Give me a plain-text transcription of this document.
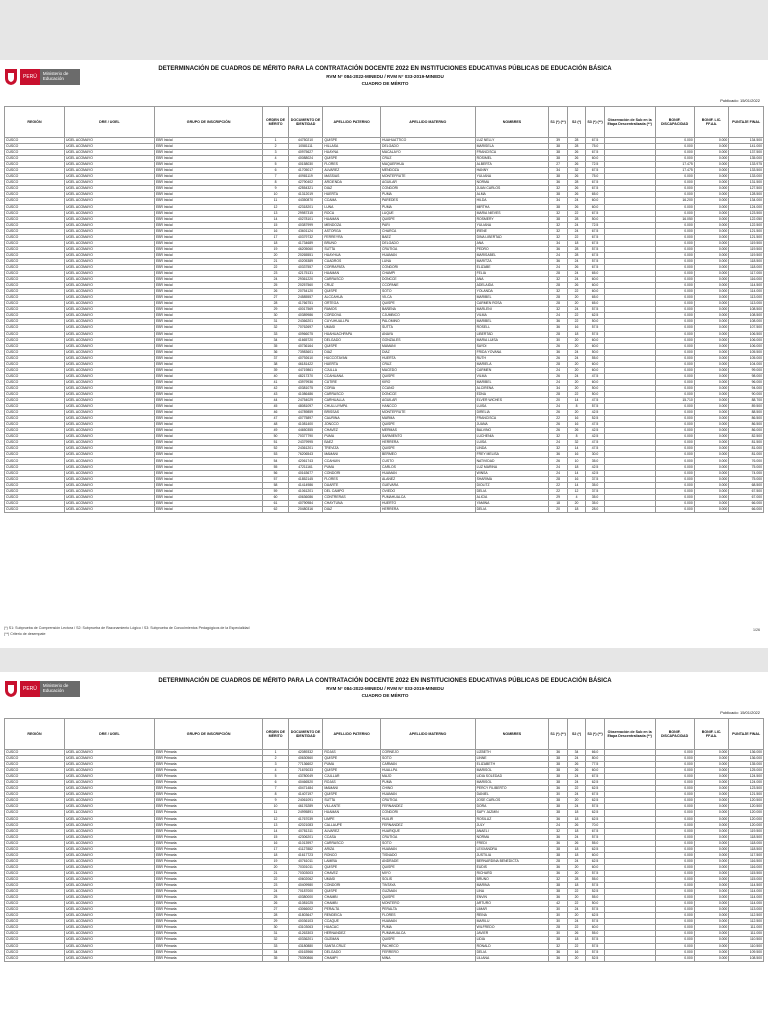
PERÚ
Ministerio de Educación
DETERMINACIÓN DE CUADROS DE MÉRITO PARA LA CONTRATACIÓN DOCENTE 2022 EN INSTITUCIONES EDUCATIVAS PÚBLICAS DE EDUCACIÓN BÁSICA
RVM N° 084-2022-MINEDU / RVM N° 033-2019-MINEDU
CUADRO DE MÉRITO
Publicado: 15/01/2022
REGIÓN	DRE / UGEL	GRUPO DE INSCRIPCIÓN	ORDEN DE MÉRITO	DOCUMENTO DE IDENTIDAD	APELLIDO PATERNO	APELLIDO MATERNO	NOMBRES	S1 (*) (**)	S2 (*)	S3 (*) (**)	Observación de Sub en la Etapa Descentralizada (**)	BONIF. DISCAPACIDAD	BONIF. LIC. FF.AA.	PUNTAJE FINAL
CUSCO	UGEL ACOMAYO	EBR Inicial	1	44750210	QUISPE	HUAHUATTICO	LUZ NELLY	39	28	67.5		0.000	0.000	134.500
CUSCO	UGEL ACOMAYO	EBR Inicial	2	10581111	HILLASA	DELGADO	MARISELA	38	28	75.0		0.000	0.000	141.000
CUSCO	UGEL ACOMAYO	EBR Inicial	3	40975627	HUAYNA	MACALAYO	FRANCISCA	38	26	67.5		0.000	0.000	137.500
CUSCO	UGEL ACOMAYO	EBR Inicial	4	40088024	QUISPE	CRUZ	ROSIMEL	38	26	60.0		0.000	0.000	135.000
CUSCO	UGEL ACOMAYO	EBR Inicial	5	40158030	FLORES	MAQUERHUA	ALBERTA	27	26	72.5		17.475	0.000	133.975
CUSCO	UGEL ACOMAYO	EBR Inicial	6	41705017	ALVAREZ	MENDOZA	HANNY	34	32	67.5		17.475	0.000	133.500
CUSCO	UGEL ACOMAYO	EBR Inicial	7	40981119	MASSIAS	MONTEFRUTE	YULIANA	38	26	75.0		0.000	0.000	133.000
CUSCO	UGEL ACOMAYO	EBR Inicial	8	42790402	ARCIENDA	AGUILAR	NORMA	36	28	67.5		0.000	0.000	131.500
CUSCO	UGEL ACOMAYO	EBR Inicial	9	42554321	DIAZ	CONDORI	JUAN CARLOS	32	26	67.5		0.000	0.000	127.500
CUSCO	UGEL ACOMAYO	EBR Inicial	10	41312019	HUERTA	PUMA	ALMA	38	26	65.0		0.000	0.000	128.500
CUSCO	UGEL ACOMAYO	EBR Inicial	11	44350870	CCAMA	PAREDES	HILDA	34	24	60.0		16.200	0.000	134.000
CUSCO	UGEL ACOMAYO	EBR Inicial	12	42318201	LUNA	PUMA	MIRTHA	38	26	60.0		0.000	0.000	124.000
CUSCO	UGEL ACOMAYO	EBR Inicial	13	29987315	ROCA	LUQUE	MARIA NIEVES	32	22	67.5		0.000	0.000	123.500
CUSCO	UGEL ACOMAYO	EBR Inicial	14	40278101	HUAMAN	QUISPE	ROSMERY	38	28	50.0		16.050	0.000	122.050
CUSCO	UGEL ACOMAYO	EBR Inicial	15	40387999	MENDOZA	PARI	YULIANA	32	24	72.5		0.000	0.000	122.500
CUSCO	UGEL ACOMAYO	EBR Inicial	16	43601124	ASTORGA	CHARCA	IRENE	32	24	67.5		0.000	0.000	121.500
CUSCO	UGEL ACOMAYO	EBR Inicial	17	40379732	FERREYRA	BAEZ	DINA LIBERTAD	32	22	67.5		0.000	0.000	121.500
CUSCO	UGEL ACOMAYO	EBR Inicial	18	41734689	BRUNO	DELGADO	ANA	34	18	67.5		0.000	0.000	119.500
CUSCO	UGEL ACOMAYO	EBR Inicial	19	46205060	SUTTA	CRUTIGA	PEDRO	36	28	57.5		0.000	0.000	119.500
CUSCO	UGEL ACOMAYO	EBR Inicial	20	20265551	HUAYHUA	HUAMAN	MARISABEL	24	28	67.5		0.000	0.000	119.500
CUSCO	UGEL ACOMAYO	EBR Inicial	21	40205389	CUADROS	LUNA	MARITZA	36	24	57.5		0.000	0.000	118.500
CUSCO	UGEL ACOMAYO	EBR Inicial	22	40337557	CORRAPATA	CONDORI	ELIZABE	24	26	67.5		0.000	0.000	118.000
CUSCO	UGEL ACOMAYO	EBR Inicial	23	42175131	HUAMAN	CHAMPI	FELIA	28	24	65.0		0.000	0.000	117.000
CUSCO	UGEL ACOMAYO	EBR Inicial	24	29361220	CARRASCO	DONCCE	ANA	32	24	60.0		0.000	0.000	116.000
CUSCO	UGEL ACOMAYO	EBR Inicial	25	20257560	CRUZ	CCOPANE	ADELAIDA	28	26	60.0		0.000	0.000	114.500
CUSCO	UGEL ACOMAYO	EBR Inicial	26	20754120	QUISPE	SOTO	YOLANDA	32	22	60.0		0.000	0.000	114.000
CUSCO	UGEL ACOMAYO	EBR Inicial	27	24585557	ALCCAHUA	VILCA	MARIBEL	28	20	65.0		0.000	0.000	113.000
CUSCO	UGEL ACOMAYO	EBR Inicial	28	41766751	ORTEGA	QUISPE	CARMEN ROSA	28	20	65.0		0.000	0.000	113.000
CUSCO	UGEL ACOMAYO	EBR Inicial	29	40017569	RAMOS	BAÑENA	MARLENI	32	24	57.5		0.000	0.000	108.500
CUSCO	UGEL ACOMAYO	EBR Inicial	30	40389986	CORDOVA	CJUMBICO	VILMA	24	22	62.5		0.000	0.000	108.500
CUSCO	UGEL ACOMAYO	EBR Inicial	31	24366201	CUYUHUALLPA	PALOMINO	MARIBEL	36	22	50.0		0.000	0.000	108.000
CUSCO	UGEL ACOMAYO	EBR Inicial	32	70762697	UMASI	SUTTA	ROSELL	36	16	57.5		0.000	0.000	107.500
CUSCO	UGEL ACOMAYO	EBR Inicial	33	40966075	HUAHUACHPAPA	ANAYA	LIBERTAD	28	18	57.5		0.000	0.000	106.500
CUSCO	UGEL ACOMAYO	EBR Inicial	34	41665720	DELGADO	GONZALES	MARIA LUISA	30	20	60.0		0.000	0.000	106.000
CUSCO	UGEL ACOMAYO	EBR Inicial	35	40736164	QUISPE	MAMANI	SAYDI	26	20	60.0		0.000	0.000	106.000
CUSCO	UGEL ACOMAYO	EBR Inicial	36	73983601	DIAZ	DIAZ	FRIDA YOVANA	36	24	50.0		0.000	0.000	105.500
CUSCO	UGEL ACOMAYO	EBR Inicial	37	40792610	HUCCOTAYAN	HUERTA	RUTH	26	24	55.0		0.000	0.000	105.000
CUSCO	UGEL ACOMAYO	EBR Inicial	38	46181422	HUERTA	CRUZ	MARIELA	28	20	60.0		0.000	0.000	104.000
CUSCO	UGEL ACOMAYO	EBR Inicial	39	44719861	CJULLA	MACEDO	CARMEN	24	20	60.0		0.000	0.000	99.000
CUSCO	UGEL ACOMAYO	EBR Inicial	40	48217370	CCAHUANA	QUISPE	VILMA	26	24	47.5		0.000	0.000	98.000
CUSCO	UGEL ACOMAYO	EBR Inicial	41	43979936	CUTIRE	KIRO	MARIBEL	24	20	60.0		0.000	0.000	96.000
CUSCO	UGEL ACOMAYO	EBR Inicial	42	40381075	CORIA	CCANO	ALCIRENA	34	20	50.0		0.000	0.000	94.000
CUSCO	UGEL ACOMAYO	EBR Inicial	43	41086486	CARRASCO	DONCCE	EDNA	28	22	50.0		0.000	0.000	90.000
CUSCO	UGEL ACOMAYO	EBR Inicial	44	24754029	CARHUALLA	AGUILAR	ELVER WICHES	20	14	47.5		15.710	0.000	88.700
CUSCO	UGEL ACOMAYO	EBR Inicial	45	48081097	CHULLUYMPA	HANCCO	LUISA	24	8	57.5		0.000	0.000	89.500
CUSCO	UGEL ACOMAYO	EBR Inicial	46	44789859	BRISSAS	MONTEFRUTE	DIRELIA	26	20	42.5		0.000	0.000	88.500
CUSCO	UGEL ACOMAYO	EBR Inicial	47	40775897	CAURINA	MARMA	FRANCISCA	22	16	52.5		0.000	0.000	86.500
CUSCO	UGEL ACOMAYO	EBR Inicial	48	41081400	JONCCO	QUISPE	JUANA	26	16	47.5		0.000	0.000	86.500
CUSCO	UGEL ACOMAYO	EBR Inicial	49	44650355	CHAVEZ	MERMAS	BALVINO	26	26	42.5		0.000	0.000	86.000
CUSCO	UGEL ACOMAYO	EBR Inicial	50	70377790	PUMA	SARMIENTO	LUCHENIA	32	8	42.5		0.000	0.000	82.500
CUSCO	UGEL ACOMAYO	EBR Inicial	51	24379995	BAEZ	HERRERA	LUISA	24	32	47.5		0.000	0.000	81.500
CUSCO	UGEL ACOMAYO	EBR Inicial	52	24361201	TREVIZA	QUISPE	LINDA	32	14	47.5		0.000	0.000	81.000
CUSCO	UGEL ACOMAYO	EBR Inicial	53	76206543	MAMANI	BERMEO	FREY MELISA	36	16	30.0		0.000	0.000	81.000
CUSCO	UGEL ACOMAYO	EBR Inicial	54	42061743	CCAHUIN	CUSTO	NATIVIDAD	26	10	35.0		0.000	0.000	76.000
CUSCO	UGEL ACOMAYO	EBR Inicial	55	47211161	PUMA	CARLOS	LUZ MARINA	24	18	42.5		0.000	0.000	75.000
CUSCO	UGEL ACOMAYO	EBR Inicial	56	40163677	CONDORI	HUAMAN	WINSA	24	14	42.5		0.000	0.000	74.000
CUSCO	UGEL ACOMAYO	EBR Inicial	57	41852145	FLORES	ALANEZ	SHARIMA	28	16	37.5		0.000	0.000	75.000
CUSCO	UGEL ACOMAYO	EBR Inicial	58	41414986	DUARTE	GUEVARA	DIOLITZ	22	14	35.0		0.000	0.000	68.500
CUSCO	UGEL ACOMAYO	EBR Inicial	59	41061201	DEL CAMPO	OVIEDO	DELIA	22	12	37.5		0.000	0.000	67.500
CUSCO	UGEL ACOMAYO	EBR Inicial	60	40636086	CONTRERAS	PUMAHUALCA	ALICIA	29	4	35.0		0.000	0.000	67.000
CUSCO	UGEL ACOMAYO	EBR Inicial	61	40790984	CHAYTUNA	HUERTO	YAMINA	18	20	35.0		0.000	0.000	66.000
CUSCO	UGEL ACOMAYO	EBR Inicial	62	20480316	DIAZ	HERRERA	DELIA	20	18	28.0		0.000	0.000	66.000
(*) S1: Subprueba de Comprensión Lectora / S2: Subprueba de Razonamiento Lógico / S3: Subprueba de Conocimientos Pedagógicos de la Especialidad
(**) Criterio de desempate
1/26
PERÚ
Ministerio de Educación
DETERMINACIÓN DE CUADROS DE MÉRITO PARA LA CONTRATACIÓN DOCENTE 2022 EN INSTITUCIONES EDUCATIVAS PÚBLICAS DE EDUCACIÓN BÁSICA
RVM N° 084-2022-MINEDU / RVM N° 033-2019-MINEDU
CUADRO DE MÉRITO
Publicado: 15/01/2022
REGIÓN	DRE / UGEL	GRUPO DE INSCRIPCIÓN	ORDEN DE MÉRITO	DOCUMENTO DE IDENTIDAD	APELLIDO PATERNO	APELLIDO MATERNO	NOMBRES	S1 (*) (**)	S2 (*)	S3 (*) (**)	Observación de Sub en la Etapa Descentralizada (**)	BONIF. DISCAPACIDAD	BONIF. LIC. FF.AA.	PUNTAJE FINAL
CUSCO	UGEL ACOMAYO	EBR Primaria	1	42089332	ROJAS	CORNEJO	LIZBETH	36	34	66.0		0.000	0.000	136.000
CUSCO	UGEL ACOMAYO	EBR Primaria	2	40630560	QUISPE	SOTO	LINNE	38	24	80.0		0.000	0.000	136.000
CUSCO	UGEL ACOMAYO	EBR Primaria	3	77136602	PUMA	CARMAN	ELIZABETH	38	26	77.5		0.000	0.000	135.000
CUSCO	UGEL ACOMAYO	EBR Primaria	4	71676033	QUISPE	HUALLPA	MARISOL	38	26	60.0		0.000	0.000	125.000
CUSCO	UGEL ACOMAYO	EBR Primaria	5	43780049	CJULLAR	MAJO	LIDIA SOLEDAD	38	24	67.5		0.000	0.000	124.500
CUSCO	UGEL ACOMAYO	EBR Primaria	6	40466520	ROJAS	PUMA	MARISOL	38	24	62.5		0.000	0.000	124.000
CUSCO	UGEL ACOMAYO	EBR Primaria	7	40471484	MAMANI	CHINO	PERCY FILIBERTO	36	22	62.5		0.000	0.000	123.500
CUSCO	UGEL ACOMAYO	EBR Primaria	8	41407197	QUISPE	HUAMAN	DANIEL	30	24	67.5		0.000	0.000	121.500
CUSCO	UGEL ACOMAYO	EBR Primaria	9	24061091	SUTTA	CRUTIGA	JOSE CARLOS	38	20	62.5		0.000	0.000	120.500
CUSCO	UGEL ACOMAYO	EBR Primaria	10	46176289	VILLANTE	FERNANDEZ	DORA	38	24	57.5		0.000	0.000	120.500
CUSCO	UGEL ACOMAYO	EBR Primaria	11	24995891	HUAMAN	CONDORI	SAFY JAZMIN	38	18	62.5		0.000	0.000	120.000
CUSCO	UGEL ACOMAYO	EBR Primaria	12	41767039	LIMPE	HUILIR	ROSILUZ	36	18	62.5		0.000	0.000	120.000
CUSCO	UGEL ACOMAYO	EBR Primaria	13	42021083	CALLAUPE	FERNANDEZ	JULY	24	26	70.0		0.000	0.000	120.000
CUSCO	UGEL ACOMAYO	EBR Primaria	14	40781311	ALVAREZ	HUARIQUE	ANAELI	32	18	67.5		0.000	0.000	119.500
CUSCO	UGEL ACOMAYO	EBR Primaria	15	42306201	CCASA	CRUTIGA	NORMA	36	24	57.5		0.000	0.000	118.500
CUSCO	UGEL ACOMAYO	EBR Primaria	16	41013997	CARRASCO	SOTO	FREDI	36	26	55.0		0.000	0.000	118.000
CUSCO	UGEL ACOMAYO	EBR Primaria	17	41127882	ARIZA	HUAMAN	LEXXANDRA	38	18	62.5		0.000	0.000	118.500
CUSCO	UGEL ACOMAYO	EBR Primaria	18	41617723	RONCO	TISNADO	JUSTILIA	38	18	60.0		0.000	0.000	117.500
CUSCO	UGEL ACOMAYO	EBR Primaria	19	40761011	LAMIÑA	ANDRADE	BERNARDINA BENEDICTA	28	24	62.5		0.000	0.000	116.500
CUSCO	UGEL ACOMAYO	EBR Primaria	20	70301011	QUISPE	QUISPE	EUDIS	36	20	60.0		0.000	0.000	116.000
CUSCO	UGEL ACOMAYO	EBR Primaria	21	70303003	CHAVEZ	MIYO	RICHARD	36	20	57.5		0.000	0.000	115.500
CUSCO	UGEL ACOMAYO	EBR Primaria	22	40602062	UMASI	SOLIS	BRUNO	32	28	55.0		0.000	0.000	115.000
CUSCO	UGEL ACOMAYO	EBR Primaria	23	40409980	CONDORI	TINTAYA	MARINA	38	18	57.5		0.000	0.000	114.500
CUSCO	UGEL ACOMAYO	EBR Primaria	24	70187000	QUISPE	GUZMAN	LINA	38	22	52.5		0.000	0.000	114.000
CUSCO	UGEL ACOMAYO	EBR Primaria	25	40380000	CHAMBI	QUISPE	ENVIN	36	20	55.0		0.000	0.000	114.000
CUSCO	UGEL ACOMAYO	EBR Primaria	26	41081025	CHAMBI	MONTERO	ARTURO	42	22	50.0		0.000	0.000	114.000
CUSCO	UGEL ACOMAYO	EBR Primaria	27	43066002	PERALTA	PERALTA	LIMAR	30	24	57.5		0.000	0.000	113.000
CUSCO	UGEL ACOMAYO	EBR Primaria	28	41803647	RENDEICA	FLORES	REINA	30	20	62.5		0.000	0.000	112.500
CUSCO	UGEL ACOMAYO	EBR Primaria	29	40036103	CCAQUE	HUAMAN	MARILU	30	24	57.5		0.000	0.000	112.500
CUSCO	UGEL ACOMAYO	EBR Primaria	30	43103063	HUACAC	PUMA	WILFREDO	28	22	60.0		0.000	0.000	111.000
CUSCO	UGEL ACOMAYO	EBR Primaria	31	41263303	HERNANDEZ	PUMAHUALCA	JAVIER	30	26	55.0		0.000	0.000	111.000
CUSCO	UGEL ACOMAYO	EBR Primaria	32	40336201	GUZMAN	QUISPE	LIDIA	38	18	57.5		0.000	0.000	110.500
CUSCO	UGEL ACOMAYO	EBR Primaria	33	43180880	SANTA CRUZ	PACHECO	RONALD	32	22	57.5		0.000	0.000	110.500
CUSCO	UGEL ACOMAYO	EBR Primaria	34	40163966	DELGADO	FERRERO	DELIA	36	16	57.5		0.000	0.000	109.500
CUSCO	UGEL ACOMAYO	EBR Primaria	35	75390866	CHAMPI	MINA	LILIANA	36	20	52.5		0.000	0.000	108.500
